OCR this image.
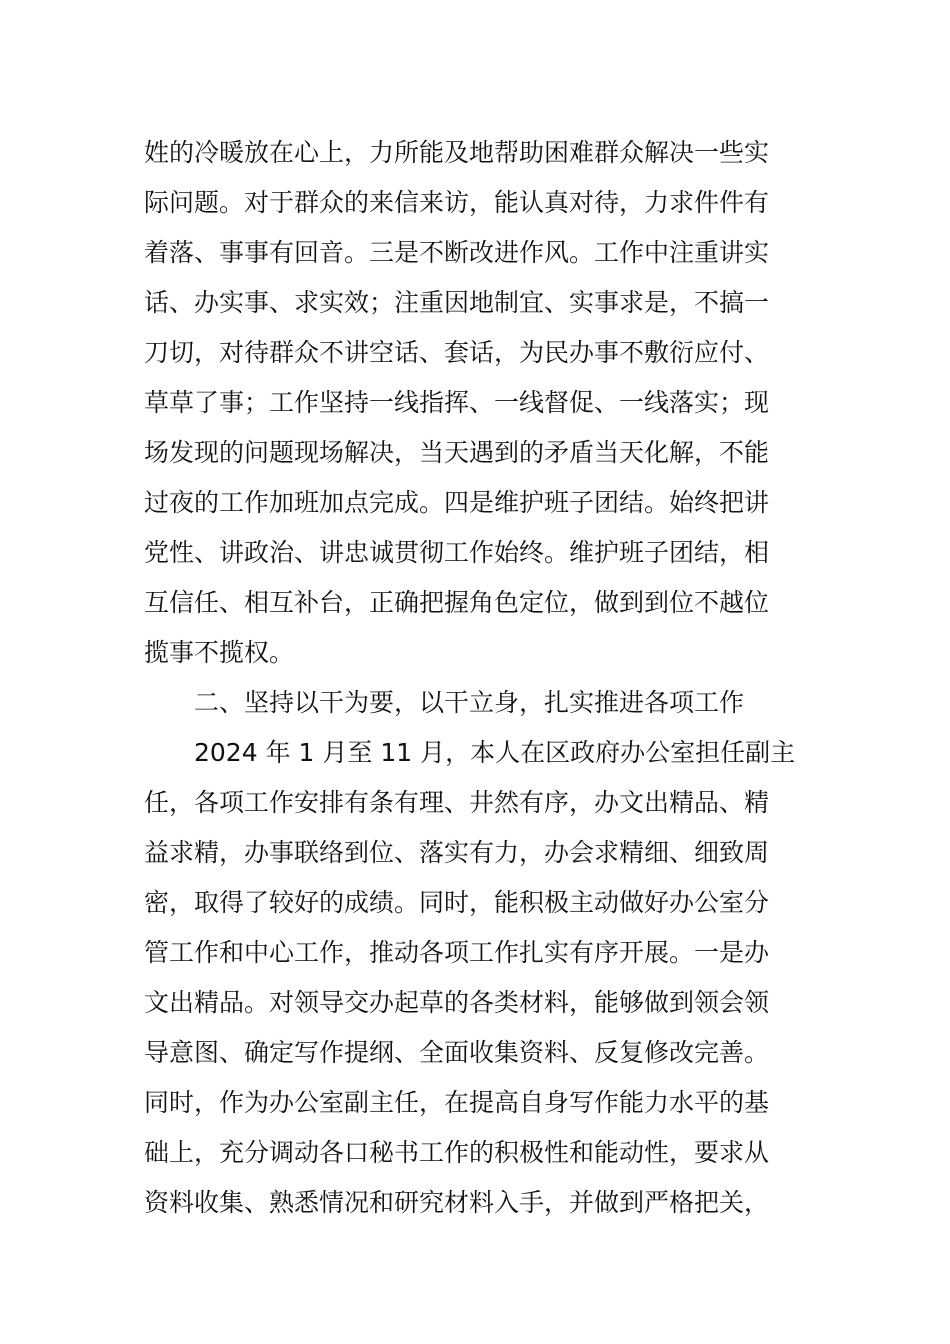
姓的冷暖放在心上，力所能及地帮助困难群众解决一些实
际问题。对于群众的来信来访，能认真对待，力求件件有
着落、事事有回音。三是不断改进作风。工作中注重讲实
话、办实事、求实效；注重因地制宜、实事求是，不搞一
刀切，对待群众不讲空话、套话，为民办事不敷衍应付、
草草了事；工作坚持一线指挥、一线督促、一线落实；现
场发现的问题现场解决，当天遇到的矛盾当天化解，不能
过夜的工作加班加点完成。四是维护班子团结。始终把讲
党性、讲政治、讲忠诚贯彻工作始终。维护班子团结，相
互信任、相互补台，正确把握角色定位，做到到位不越位
揽事不揽权。
二、坚持以干为要，以干立身，扎实推进各项工作
2024 年 1 月至 11 月，本人在区政府办公室担任副主
任，各项工作安排有条有理、井然有序，办文出精品、精
益求精，办事联络到位、落实有力，办会求精细、细致周
密，取得了较好的成绩。同时，能积极主动做好办公室分
管工作和中心工作，推动各项工作扎实有序开展。一是办
文出精品。对领导交办起草的各类材料，能够做到领会领
导意图、确定写作提纲、全面收集资料、反复修改完善。
同时，作为办公室副主任，在提高自身写作能力水平的基
础上，充分调动各口秘书工作的积极性和能动性，要求从
资料收集、熟悉情况和研究材料入手，并做到严格把关，
